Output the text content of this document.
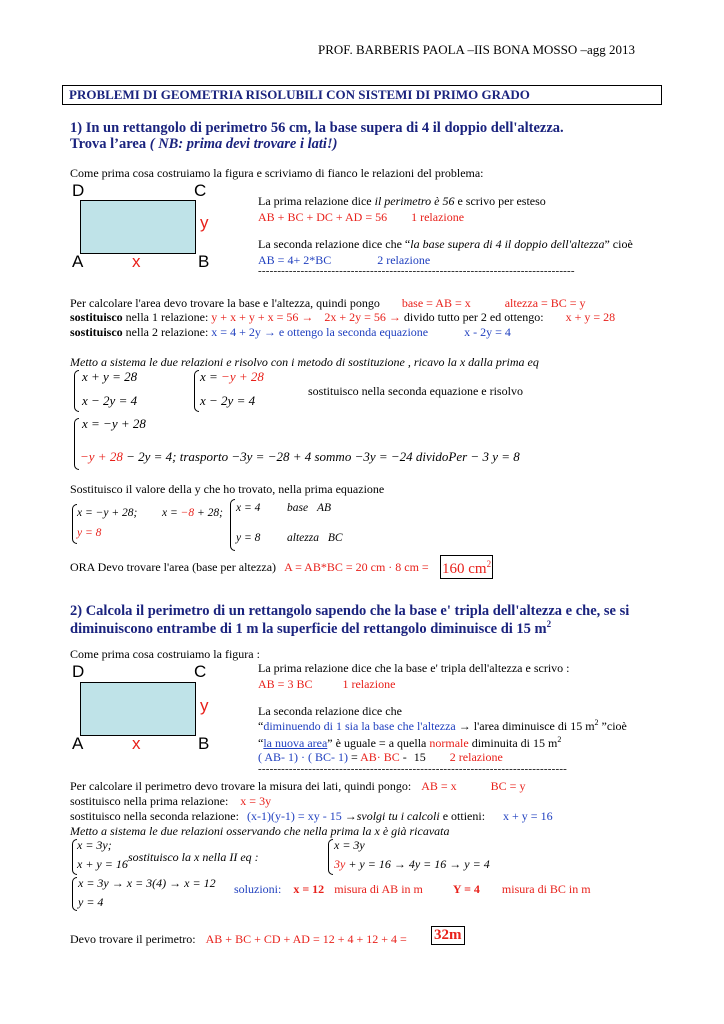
PROF. BARBERIS PAOLA –IIS BONA MOSSO –agg 2013
PROBLEMI DI GEOMETRIA RISOLUBILI CON SISTEMI DI PRIMO GRADO
1) In un rettangolo di perimetro 56 cm, la base supera di 4 il doppio dell'altezza.
Trova l’area ( NB: prima devi trovare i lati!)
Come prima cosa costruiamo la figura e scriviamo di fianco le relazioni del problema:
D	C
y
A	x	B
La prima relazione dice il perimetro è 56 e scrivo per esteso
AB + BC + DC + AD = 56 1 relazione
La seconda relazione dice che “la base supera di 4 il doppio dell'altezza” cioè
AB = 4+ 2*BC	2 relazione
----------------------------------------------------------------------------------
Per calcolare l'area devo trovare la base e l'altezza, quindi pongo base = AB = x	altezza = BC = y
sostituisco nella 1 relazione: y + x + y + x = 56 → 2x + 2y = 56 → divido tutto per 2 ed ottengo: x + y = 28
sostituisco nella 2 relazione: x = 4 + 2y → e ottengo la seconda equazione	x - 2y = 4
Metto a sistema le due relazioni e risolvo con i metodo di sostituzione , ricavo la x dalla prima eq
x + y = 28
x − 2y = 4
x = −y + 28
x − 2y = 4
sostituisco nella seconda equazione e risolvo
x = −y + 28
−y + 28 − 2y = 4; trasporto −3y = −28 + 4 sommo −3y = −24 dividoPer − 3 y = 8
Sostituisco il valore della y che ho trovato, nella prima equazione
x = −y + 28; x = −8 + 28;
y = 8
x = 4 base AB
y = 8 altezza BC
ORA Devo trovare l'area (base per altezza) A = AB*BC = 20 cm · 8 cm = 160 $cm^2$
2) Calcola il perimetro di un rettangolo sapendo che la base e' tripla dell'altezza e che, se si
diminuiscono entrambe di 1 m la superficie del rettangolo diminuisce di 15 $m^2$
Come prima cosa costruiamo la figura :
D	C
y
A	x	B
La prima relazione dice che la base e' tripla dell'altezza e scrivo :
AB = 3 BC	1 relazione
La seconda relazione dice che
“diminuendo di 1 sia la base che l'altezza → l'area diminuisce di 15 $m^2$ ”cioè
“la nuova area” è uguale = a quella normale diminuita di 15 $m^2$
( AB- 1) · ( BC- 1) = AB· BC - 15 2 relazione
--------------------------------------------------------------------------------
Per calcolare il perimetro devo trovare la misura dei lati, quindi pongo: AB = x	BC = y
sostituisco nella prima relazione: x = 3y
sostituisco nella seconda relazione: (x-1)(y-1) = xy - 15 →svolgi tu i calcoli e ottieni: x + y = 16
Metto a sistema le due relazioni osservando che nella prima la x è già ricavata
x = 3y;
x + y = 16 sostituisco la x nella II eq :
x = 3y
3y + y = 16 → 4y = 16 → y = 4
x = 3y → x = 3(4) → x = 12
y = 4
soluzioni: x = 12 misura di AB in m	Y = 4 misura di BC in m
Devo trovare il perimetro: AB + BC + CD + AD = 12 + 4 + 12 + 4 = 32m
